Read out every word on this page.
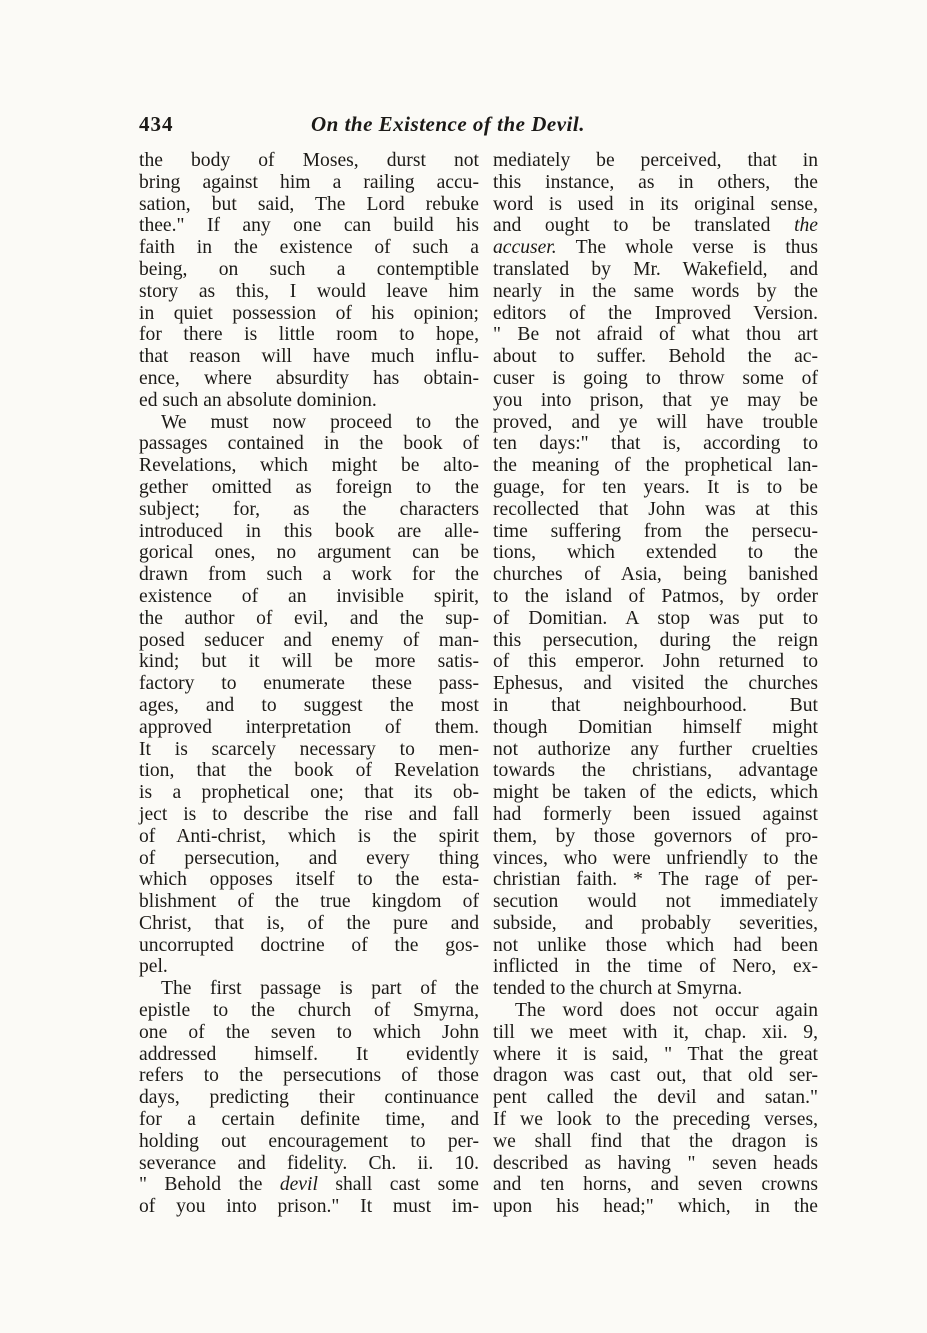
434	On the Existence of the Devil.
the body of Moses, durst not
bring against him a railing accu-
sation, but said, The Lord rebuke
thee." If any one can build his
faith in the existence of such a
being, on such a contemptible
story as this, I would leave him
in quiet possession of his opinion;
for there is little room to hope,
that reason will have much influ-
ence, where absurdity has obtain-
ed such an absolute dominion.
We must now proceed to the
passages contained in the book of
Revelations, which might be alto-
gether omitted as foreign to the
subject; for, as the characters
introduced in this book are alle-
gorical ones, no argument can be
drawn from such a work for the
existence of an invisible spirit,
the author of evil, and the sup-
posed seducer and enemy of man-
kind; but it will be more satis-
factory to enumerate these pass-
ages, and to suggest the most
approved interpretation of them.
It is scarcely necessary to men-
tion, that the book of Revelation
is a prophetical one; that its ob-
ject is to describe the rise and fall
of Anti-christ, which is the spirit
of persecution, and every thing
which opposes itself to the esta-
blishment of the true kingdom of
Christ, that is, of the pure and
uncorrupted doctrine of the gos-
pel.
The first passage is part of the
epistle to the church of Smyrna,
one of the seven to which John
addressed himself. It evidently
refers to the persecutions of those
days, predicting their continuance
for a certain definite time, and
holding out encouragement to per-
severance and fidelity. Ch. ii. 10.
" Behold the devil shall cast some
of you into prison." It must im-
mediately be perceived, that in
this instance, as in others, the
word is used in its original sense,
and ought to be translated the
accuser. The whole verse is thus
translated by Mr. Wakefield, and
nearly in the same words by the
editors of the Improved Version.
" Be not afraid of what thou art
about to suffer. Behold the ac-
cuser is going to throw some of
you into prison, that ye may be
proved, and ye will have trouble
ten days:" that is, according to
the meaning of the prophetical lan-
guage, for ten years. It is to be
recollected that John was at this
time suffering from the persecu-
tions, which extended to the
churches of Asia, being banished
to the island of Patmos, by order
of Domitian. A stop was put to
this persecution, during the reign
of this emperor. John returned to
Ephesus, and visited the churches
in that neighbourhood. But
though Domitian himself might
not authorize any further cruelties
towards the christians, advantage
might be taken of the edicts, which
had formerly been issued against
them, by those governors of pro-
vinces, who were unfriendly to the
christian faith. * The rage of per-
secution would not immediately
subside, and probably severities,
not unlike those which had been
inflicted in the time of Nero, ex-
tended to the church at Smyrna.
The word does not occur again
till we meet with it, chap. xii. 9,
where it is said, " That the great
dragon was cast out, that old ser-
pent called the devil and satan."
If we look to the preceding verses,
we shall find that the dragon is
described as having " seven heads
and ten horns, and seven crowns
upon his head;" which, in the
